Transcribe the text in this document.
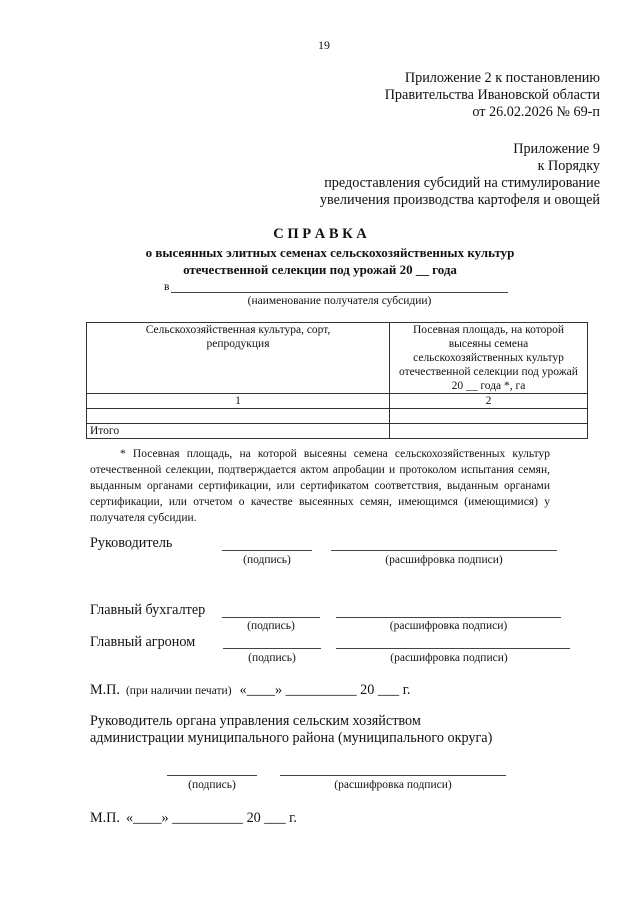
19
Приложение 2 к постановлению
Правительства Ивановской области
от 26.02.2026 № 69-п
Приложение 9
к Порядку
предоставления субсидий на стимулирование
увеличения производства картофеля и овощей
С П Р А В К А
о высеянных элитных семенах сельскохозяйственных культур
отечественной селекции под урожай 20 __ года
в
(наименование получателя субсидии)
Сельскохозяйственная культура, сорт, репродукция	Посевная площадь, на которой высеяны семена сельскохозяйственных культур отечественной селекции под урожай 20 __ года *, га
1	2

Итого	
* Посевная площадь, на которой высеяны семена сельскохозяйственных культур отечественной селекции, подтверждается актом апробации и протоколом испытания семян, выданным органами сертификации, или сертификатом соответствия, выданным органами сертификации, или отчетом о качестве высеянных семян, имеющимся (имеющимися) у получателя субсидии.
Руководитель
(подпись)	(расшифровка подписи)
Главный бухгалтер
(подпись)	(расшифровка подписи)
Главный агроном
(подпись)	(расшифровка подписи)
М.П. (при наличии печати) «____» __________ 20 ___ г.
Руководитель органа управления сельским хозяйством
администрации муниципального района (муниципального округа)
(подпись)	(расшифровка подписи)
М.П. «____» __________ 20 ___ г.
